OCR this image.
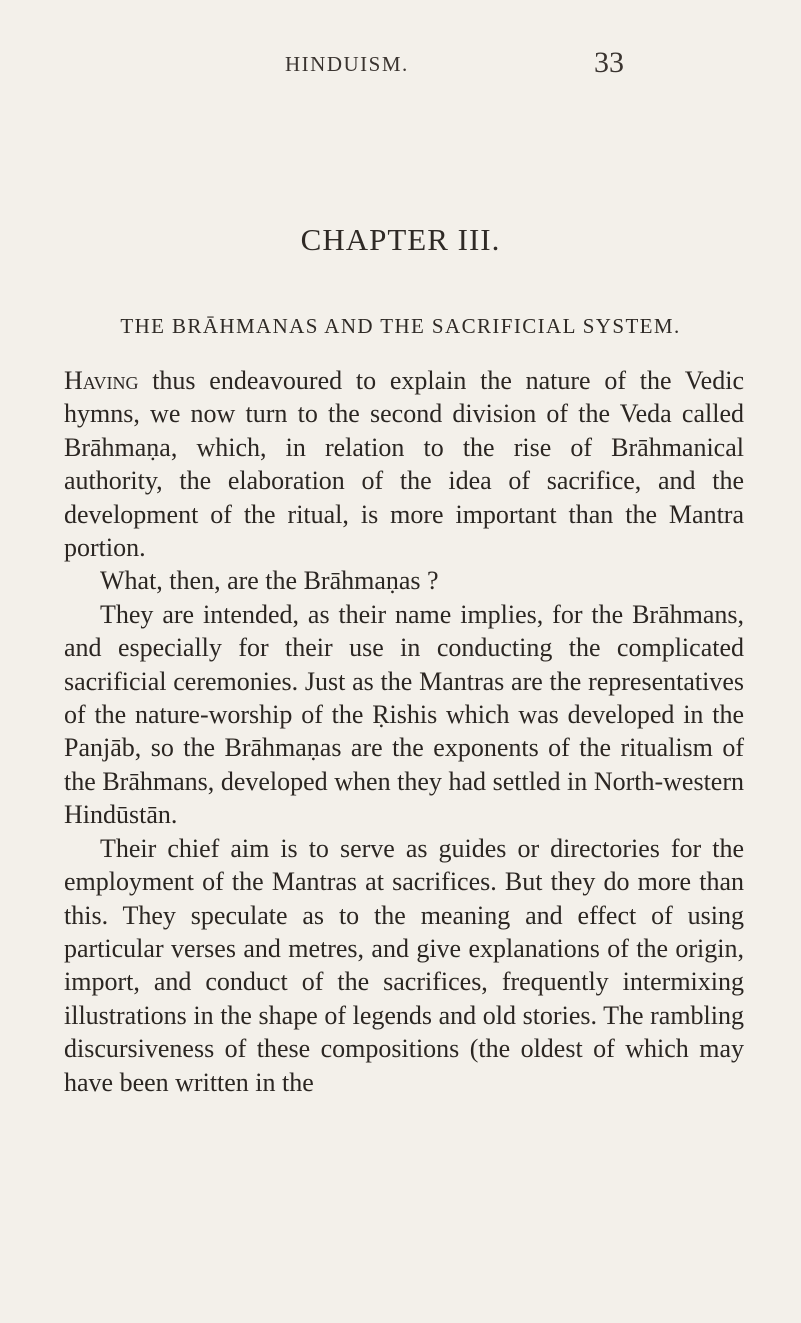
HINDUISM.	33
CHAPTER III.
THE BRĀHMANAS AND THE SACRIFICIAL SYSTEM.

Having thus endeavoured to explain the nature of the Vedic hymns, we now turn to the second division of the Veda called Brāhmaṇa, which, in relation to the rise of Brāhmanical authority, the elaboration of the idea of sacrifice, and the development of the ritual, is more important than the Mantra portion.

What, then, are the Brāhmaṇas ?

They are intended, as their name implies, for the Brāhmans, and especially for their use in conducting the complicated sacrificial ceremonies. Just as the Mantras are the representatives of the nature-worship of the Ṛishis which was developed in the Panjāb, so the Brāhmaṇas are the exponents of the ritualism of the Brāhmans, developed when they had settled in North-western Hindūstān.

Their chief aim is to serve as guides or directories for the employment of the Mantras at sacrifices. But they do more than this. They speculate as to the meaning and effect of using particular verses and metres, and give explanations of the origin, import, and conduct of the sacrifices, frequently intermixing illustrations in the shape of legends and old stories. The rambling discursiveness of these compositions (the oldest of which may have been written in the
